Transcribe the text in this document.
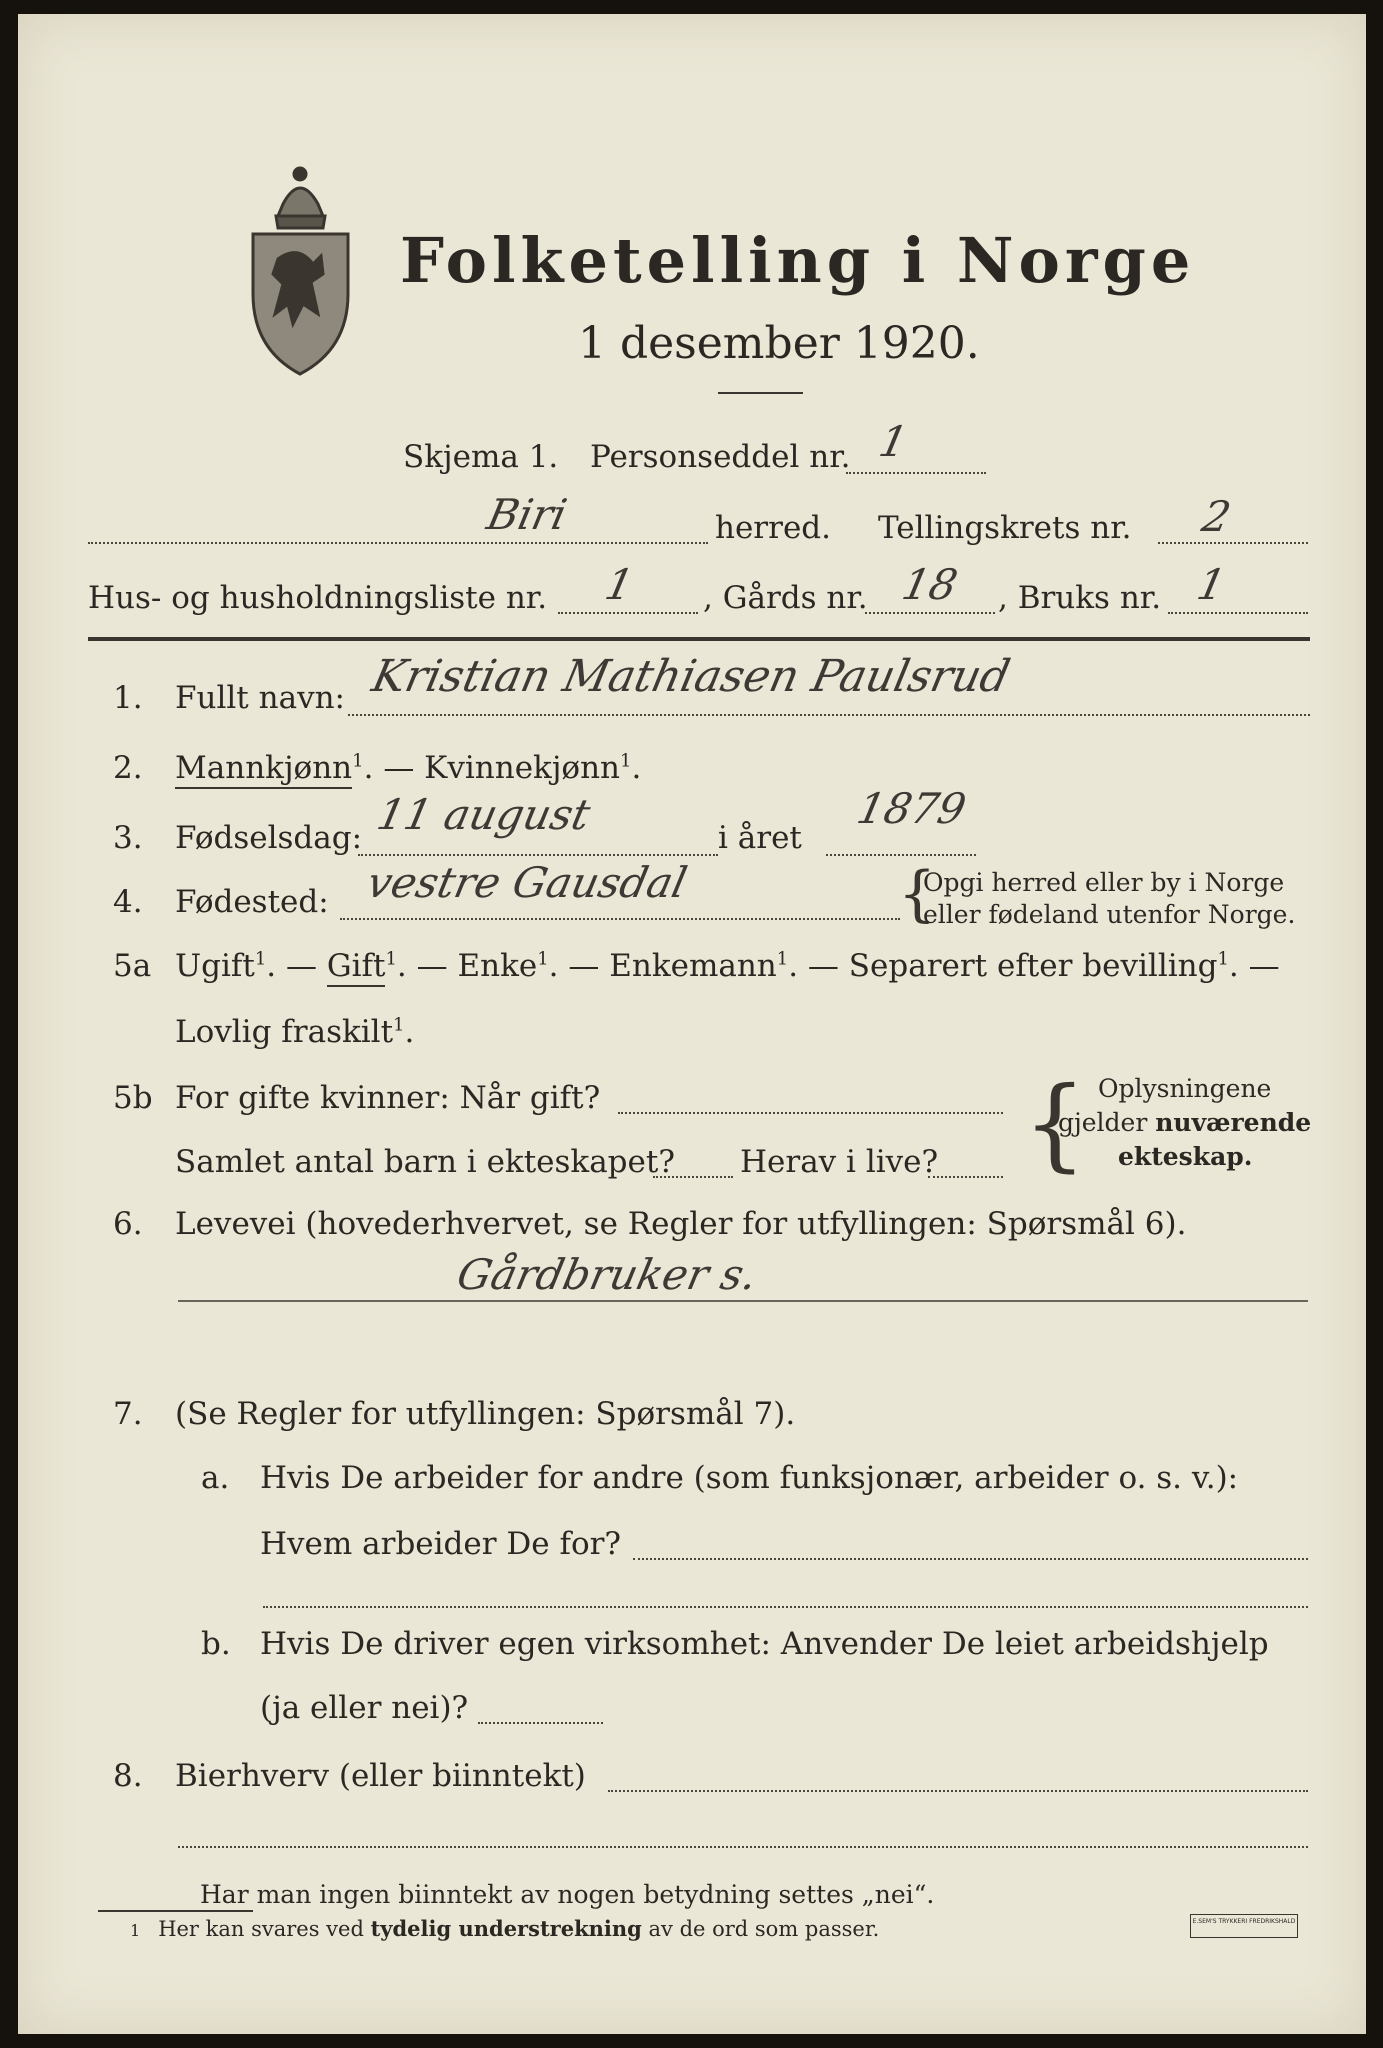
Folketelling i Norge
1 desember 1920.
Skjema 1. Personseddel nr. 1
Biri	herred. Tellingskrets nr. 2
Hus- og husholdningsliste nr. 1 , Gårds nr. 18 , Bruks nr. 1
1. Fullt navn: Kristian Mathiasen Paulsrud
2. Mannkjønn$^1$. — Kvinnekjønn$^1$.
3. Fødselsdag: 11 august	i året
1879
4. Fødested: vestre Gausdal	{
Opgi herred eller by i Norge
eller fødeland utenfor Norge.
5a Ugift$^1$. — Gift$^1$. — Enke$^1$. — Enkemann$^1$. — Separert efter bevilling$^1$. —
Lovlig fraskilt$^1$.
5b For gifte kvinner: Når gift?
Samlet antal barn i ekteskapet? Herav i live? { Oplysningene
gjelder nuværende
ekteskap.
6. Levevei (hovederhvervet, se Regler for utfyllingen: Spørsmål 6).
Gårdbruker s.
7. (Se Regler for utfyllingen: Spørsmål 7).
a. Hvis De arbeider for andre (som funksjonær, arbeider o. s. v.):
Hvem arbeider De for?
b. Hvis De driver egen virksomhet: Anvender De leiet arbeidshjelp
(ja eller nei)?
8. Bierhverv (eller biinntekt)
Har man ingen biinntekt av nogen betydning settes „nei“.
1 Her kan svares ved tydelig understrekning av de ord som passer.	E.SEM'S TRYKKERI FREDRIKSHALD
